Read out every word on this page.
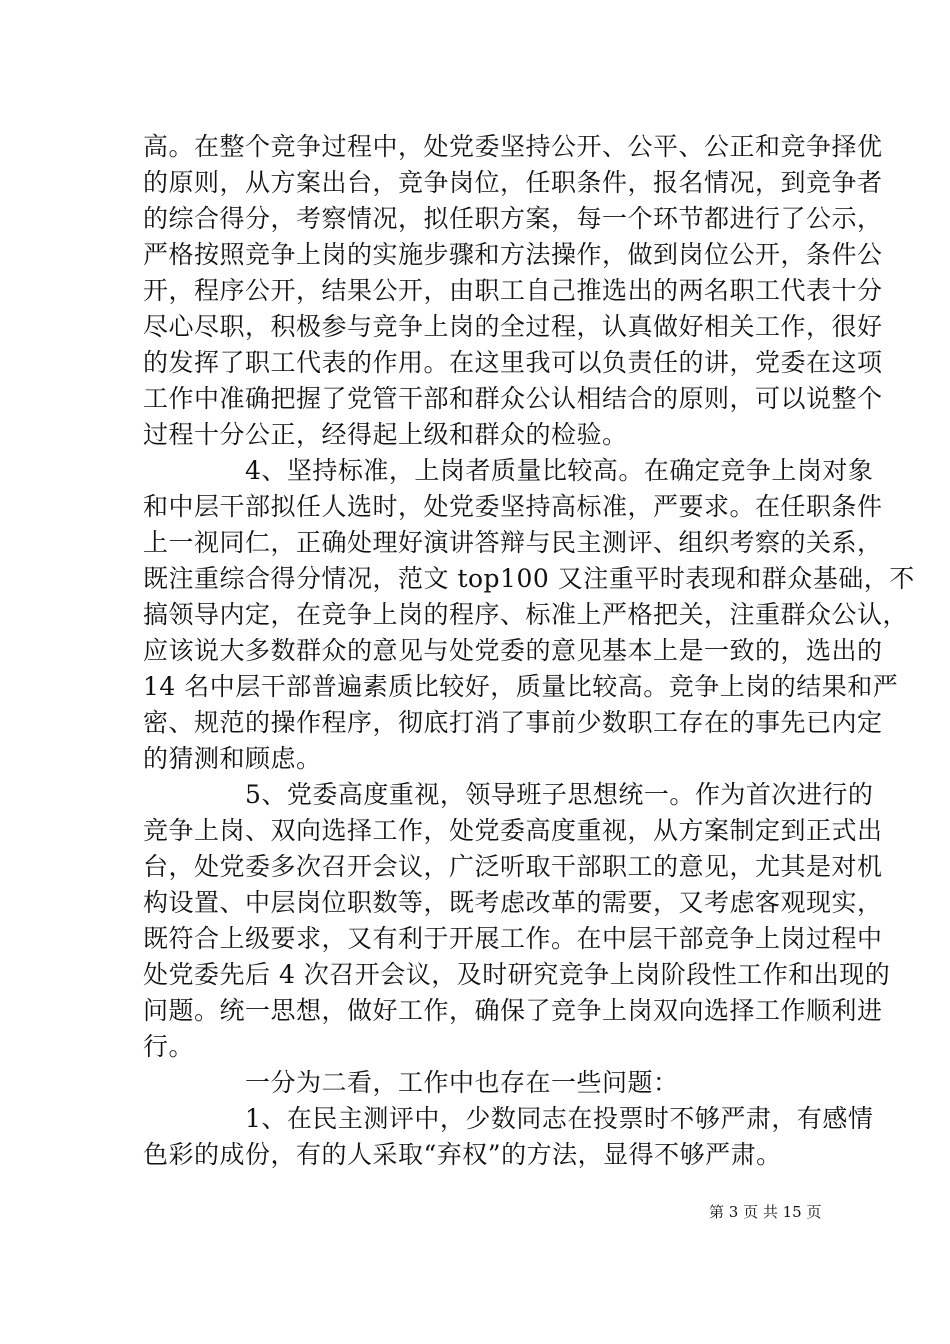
高。在整个竞争过程中，处党委坚持公开、公平、公正和竞争择优
的原则，从方案出台，竞争岗位，任职条件，报名情况，到竞争者
的综合得分，考察情况，拟任职方案，每一个环节都进行了公示，
严格按照竞争上岗的实施步骤和方法操作，做到岗位公开，条件公
开，程序公开，结果公开，由职工自己推选出的两名职工代表十分
尽心尽职，积极参与竞争上岗的全过程，认真做好相关工作，很好
的发挥了职工代表的作用。在这里我可以负责任的讲，党委在这项
工作中准确把握了党管干部和群众公认相结合的原则，可以说整个
过程十分公正，经得起上级和群众的检验。
4、坚持标准，上岗者质量比较高。在确定竞争上岗对象
和中层干部拟任人选时，处党委坚持高标准，严要求。在任职条件
上一视同仁，正确处理好演讲答辩与民主测评、组织考察的关系，
既注重综合得分情况，范文 top100 又注重平时表现和群众基础，不
搞领导内定，在竞争上岗的程序、标准上严格把关，注重群众公认，
应该说大多数群众的意见与处党委的意见基本上是一致的，选出的
14 名中层干部普遍素质比较好，质量比较高。竞争上岗的结果和严
密、规范的操作程序，彻底打消了事前少数职工存在的事先已内定
的猜测和顾虑。
5、党委高度重视，领导班子思想统一。作为首次进行的
竞争上岗、双向选择工作，处党委高度重视，从方案制定到正式出
台，处党委多次召开会议，广泛听取干部职工的意见，尤其是对机
构设置、中层岗位职数等，既考虑改革的需要，又考虑客观现实，
既符合上级要求，又有利于开展工作。在中层干部竞争上岗过程中
处党委先后 4 次召开会议，及时研究竞争上岗阶段性工作和出现的
问题。统一思想，做好工作，确保了竞争上岗双向选择工作顺利进
行。
一分为二看，工作中也存在一些问题：
1、在民主测评中，少数同志在投票时不够严肃，有感情
色彩的成份，有的人采取“弃权”的方法，显得不够严肃。
第 3 页 共 15 页
